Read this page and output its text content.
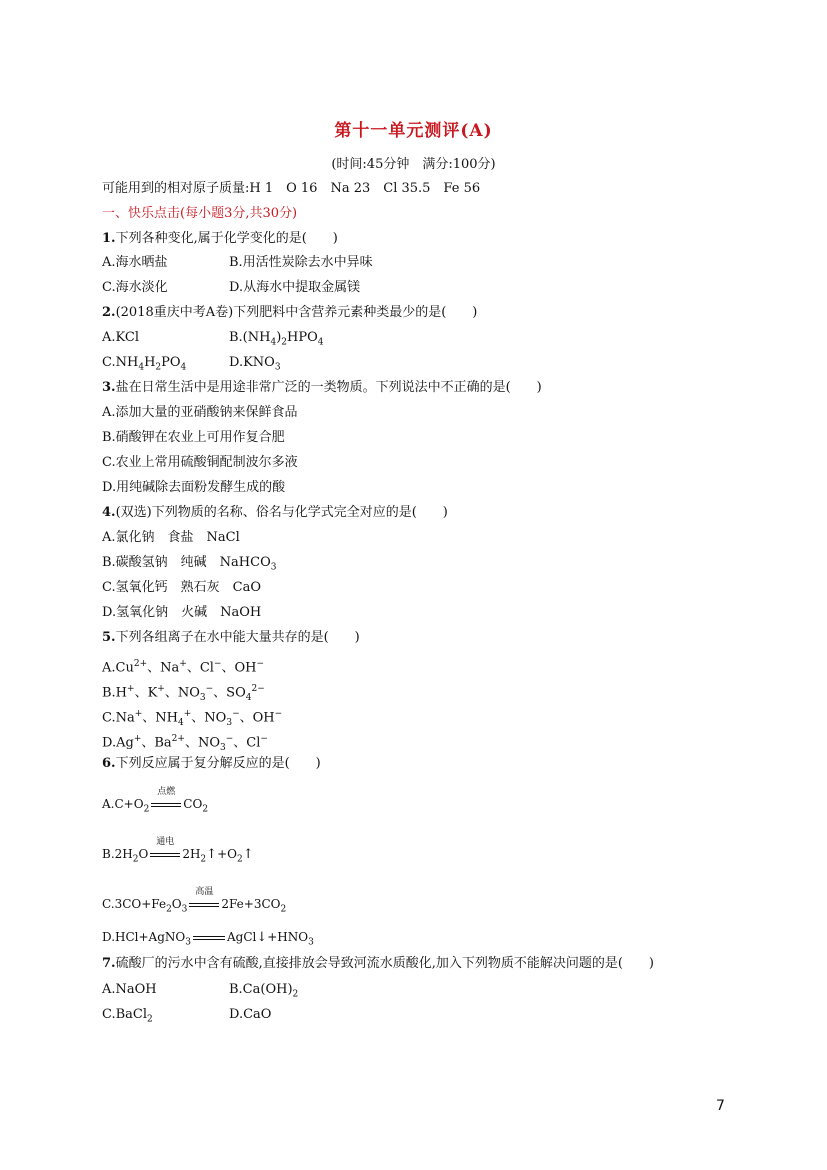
第十一单元测评(A)
(时间:45分钟　满分:100分)
可能用到的相对原子质量:H 1　O 16　Na 23　Cl 35.5　Fe 56
一、快乐点击(每小题3分,共30分)
1.下列各种变化,属于化学变化的是(　　)
A.海水晒盐	B.用活性炭除去水中异味
C.海水淡化	D.从海水中提取金属镁
2.(2018重庆中考A卷)下列肥料中含营养元素种类最少的是(　　)
A.KCl	$B.(NH_4)_2HPO_4$
$C.NH_4H_2PO_4$	$D.KNO_3$
3.盐在日常生活中是用途非常广泛的一类物质。下列说法中不正确的是(　　)
A.添加大量的亚硝酸钠来保鲜食品
B.硝酸钾在农业上可用作复合肥
C.农业上常用硫酸铜配制波尔多液
D.用纯碱除去面粉发酵生成的酸
4.(双选)下列物质的名称、俗名与化学式完全对应的是(　　)
A.氯化钠　食盐　NaCl
B.碳酸氢钠　纯碱　NaHCO$_3$
C.氢氧化钙　熟石灰　CaO
D.氢氧化钠　火碱　NaOH
5.下列各组离子在水中能大量共存的是(　　)
$A.Cu^{2+}$、Na+、Cl−、OH−
B.H+、K+、$NO_3^-$、$SO_4^{2-}$
C.Na+、$NH_4^+$、$NO_3^-$、OH−
D.Ag+、$Ba^{2+}$、$NO_3^-$、Cl−
6.下列反应属于复分解反应的是(　　)
$A.C+O_2$
点燃
$CO_2$
$B.2H_2O$
通电
$2H_2↑+O_2↑$
$C.3CO+Fe_2O_3$
高温
$2Fe+3CO_2$
D.HCl+AgNO$_3$	$AgCl↓+HNO_3$
7.硫酸厂的污水中含有硫酸,直接排放会导致河流水质酸化,加入下列物质不能解决问题的是(　　)
A.NaOH	$B.Ca(OH)_2$
C.BaCl$_2$	D.CaO
7
